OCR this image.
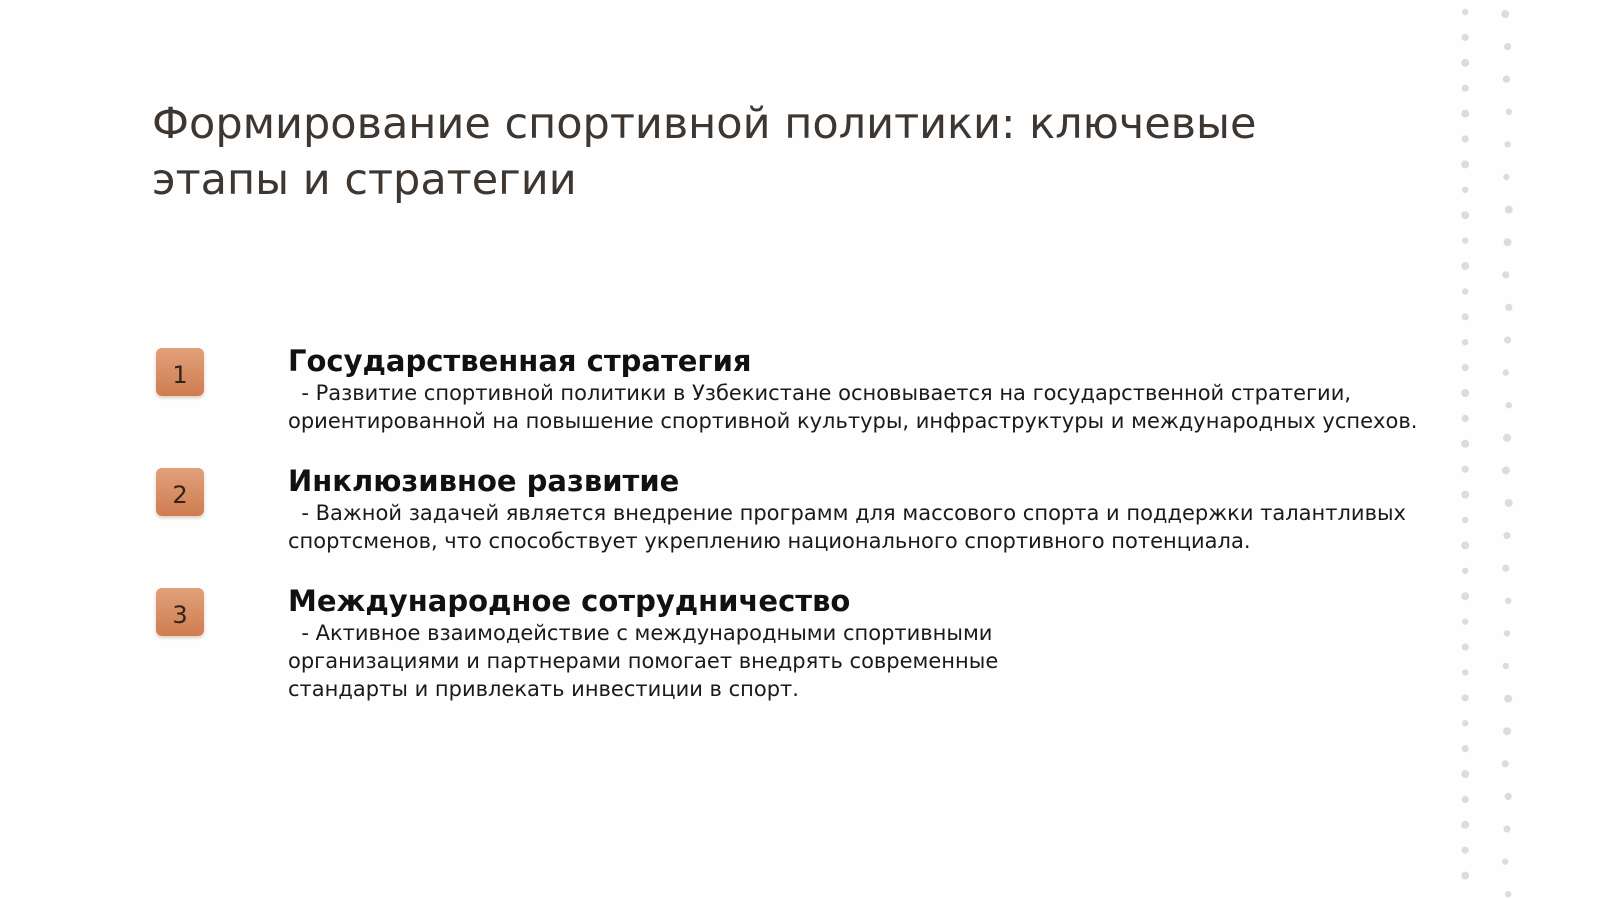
Формирование спортивной политики: ключевые
этапы и стратегии
1	Государственная стратегия

- Развитие спортивной политики в Узбекистане основывается на государственной стратегии,
ориентированной на повышение спортивной культуры, инфраструктуры и международных успехов.

2	Инклюзивное развитие

- Важной задачей является внедрение программ для массового спорта и поддержки талантливых
спортсменов, что способствует укреплению национального спортивного потенциала.

3	Международное сотрудничество

- Активное взаимодействие с международными спортивными
организациями и партнерами помогает внедрять современные
стандарты и привлекать инвестиции в спорт.
